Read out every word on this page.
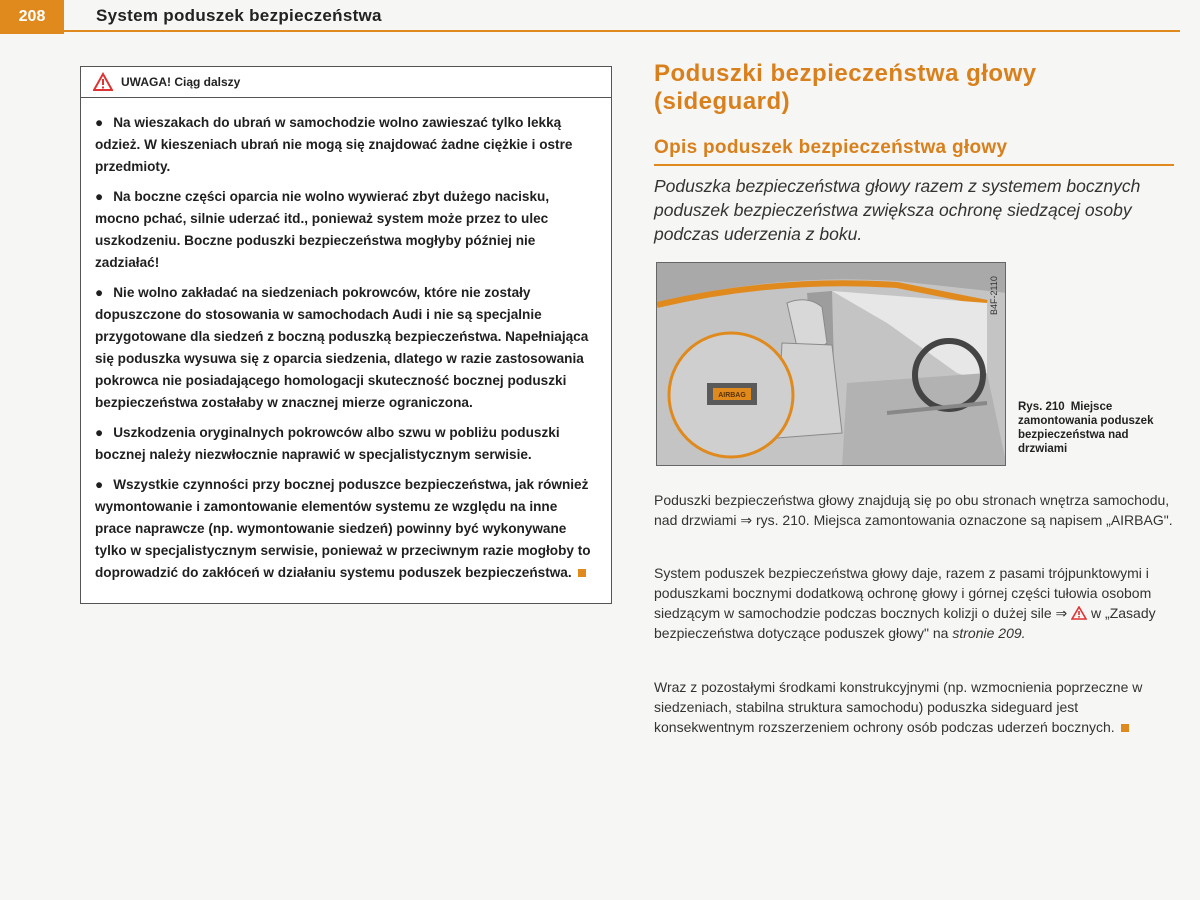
208	System poduszek bezpieczeństwa
UWAGA! Ciąg dalszy

● Na wieszakach do ubrań w samochodzie wolno zawieszać tylko lekką odzież. W kieszeniach ubrań nie mogą się znajdować żadne ciężkie i ostre przedmioty.

● Na boczne części oparcia nie wolno wywierać zbyt dużego nacisku, mocno pchać, silnie uderzać itd., ponieważ system może przez to ulec uszkodzeniu. Boczne poduszki bezpieczeństwa mogłyby później nie zadziałać!

● Nie wolno zakładać na siedzeniach pokrowców, które nie zostały dopuszczone do stosowania w samochodach Audi i nie są specjalnie przygotowane dla siedzeń z boczną poduszką bezpieczeństwa. Napełniająca się poduszka wysuwa się z oparcia siedzenia, dlatego w razie zastosowania pokrowca nie posiadającego homologacji skuteczność bocznej poduszki bezpieczeństwa zostałaby w znacznej mierze ograniczona.

● Uszkodzenia oryginalnych pokrowców albo szwu w pobliżu poduszki bocznej należy niezwłocznie naprawić w specjalistycznym serwisie.

● Wszystkie czynności przy bocznej poduszce bezpieczeństwa, jak również wymontowanie i zamontowanie elementów systemu ze względu na inne prace naprawcze (np. wymontowanie siedzeń) powinny być wykonywane tylko w specjalistycznym serwisie, ponieważ w przeciwnym razie mogłoby to doprowadzić do zakłóceń w działaniu systemu poduszek bezpieczeństwa.

Poduszki bezpieczeństwa głowy (sideguard)
Opis poduszek bezpieczeństwa głowy
Poduszka bezpieczeństwa głowy razem z systemem bocznych poduszek bezpieczeństwa zwiększa ochronę siedzącej osoby podczas uderzenia z boku.
AIRBAG
B4F-2110
Rys. 210 Miejsce zamontowania poduszek bezpieczeństwa nad drzwiami

Poduszki bezpieczeństwa głowy znajdują się po obu stronach wnętrza samochodu, nad drzwiami ⇒ rys. 210. Miejsca zamontowania oznaczone są napisem „AIRBAG".

System poduszek bezpieczeństwa głowy daje, razem z pasami trójpunktowymi i poduszkami bocznymi dodatkową ochronę głowy i górnej części tułowia osobom siedzącym w samochodzie podczas bocznych kolizji o dużej sile ⇒ w „Zasady bezpieczeństwa dotyczące poduszek głowy" na stronie 209.

Wraz z pozostałymi środkami konstrukcyjnymi (np. wzmocnienia poprzeczne w siedzeniach, stabilna struktura samochodu) poduszka sideguard jest konsekwentnym rozszerzeniem ochrony osób podczas uderzeń bocznych.
